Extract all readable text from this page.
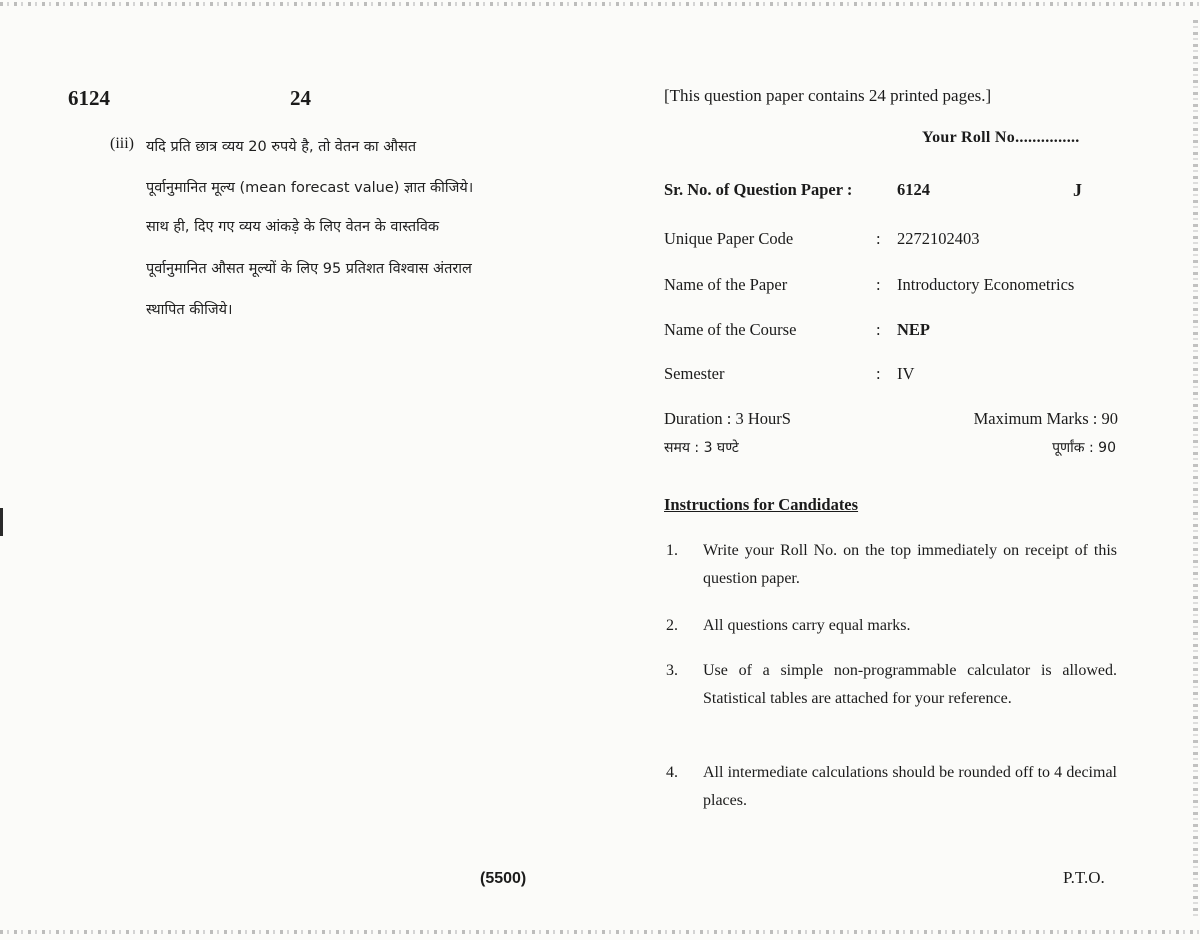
6124	24
(iii) यदि प्रति छात्र व्यय 20 रुपये है, तो वेतन का औसत
पूर्वानुमानित मूल्य (mean forecast value) ज्ञात कीजिये।
साथ ही, दिए गए व्यय आंकड़े के लिए वेतन के वास्तविक
पूर्वानुमानित औसत मूल्यों के लिए 95 प्रतिशत विश्वास अंतराल
स्थापित कीजिये।
(5500)
[This question paper contains 24 printed pages.]
Your Roll No...............
Sr. No. of Question Paper :	6124	J
Unique Paper Code	: 2272102403
Name of the Paper	: Introductory Econometrics
Name of the Course	: NEP
Semester	: IV
Duration : 3 HourS	Maximum Marks : 90
समय : 3 घण्टे	पूर्णांक : 90
Instructions for Candidates
1. Write your Roll No. on the top immediately on receipt of this question paper.
2. All questions carry equal marks.
3. Use of a simple non-programmable calculator is allowed. Statistical tables are attached for your reference.
4. All intermediate calculations should be rounded off to 4 decimal places.
P.T.O.
